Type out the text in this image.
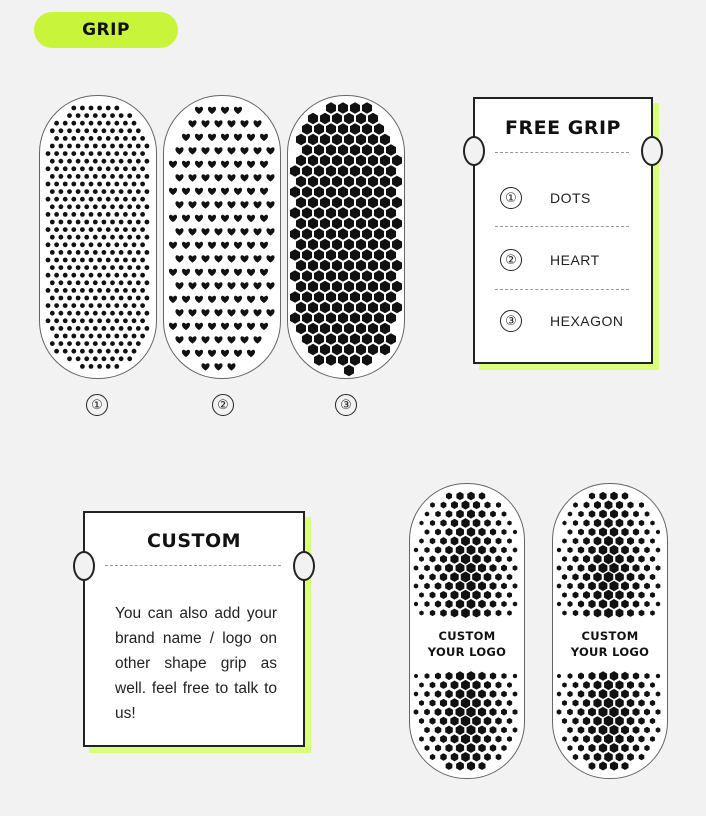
GRIP
①	②	③
FREE GRIP
①	DOTS
②	HEART
③	HEXAGON
CUSTOM
You can also add your brand name / logo on other shape grip as well. feel free to talk to us!
CUSTOM
YOUR LOGO
CUSTOM
YOUR LOGO
